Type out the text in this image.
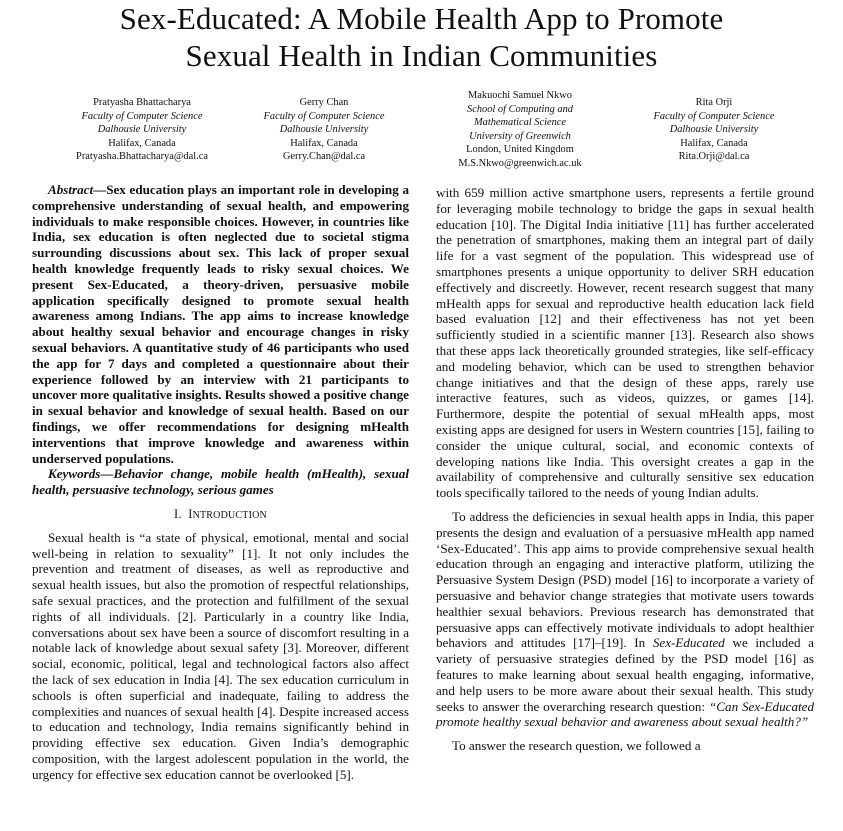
Sex-Educated: A Mobile Health App to Promote
Sexual Health in Indian Communities
Pratyasha Bhattacharya
Faculty of Computer Science
Dalhousie University
Halifax, Canada
Pratyasha.Bhattacharya@dal.ca
Gerry Chan
Faculty of Computer Science
Dalhousie University
Halifax, Canada
Gerry.Chan@dal.ca
Makuochi Samuel Nkwo
School of Computing and
Mathematical Science
University of Greenwich
London, United Kingdom
M.S.Nkwo@greenwich.ac.uk
Rita Orji
Faculty of Computer Science
Dalhousie University
Halifax, Canada
Rita.Orji@dal.ca

Abstract—Sex education plays an important role in developing a comprehensive understanding of sexual health, and empowering individuals to make responsible choices. However, in countries like India, sex education is often neglected due to societal stigma surrounding discussions about sex. This lack of proper sexual health knowledge frequently leads to risky sexual choices. We present Sex-Educated, a theory-driven, persuasive mobile application specifically designed to promote sexual health awareness among Indians. The app aims to increase knowledge about healthy sexual behavior and encourage changes in risky sexual behaviors. A quantitative study of 46 participants who used the app for 7 days and completed a questionnaire about their experience followed by an interview with 21 participants to uncover more qualitative insights. Results showed a positive change in sexual behavior and knowledge of sexual health. Based on our findings, we offer recommendations for designing mHealth interventions that improve knowledge and awareness within underserved populations.

Keywords—Behavior change, mobile health (mHealth), sexual health, persuasive technology, serious games

I. INTRODUCTION

Sexual health is “a state of physical, emotional, mental and social well-being in relation to sexuality” [1]. It not only includes the prevention and treatment of diseases, as well as reproductive and sexual health issues, but also the promotion of respectful relationships, safe sexual practices, and the protection and fulfillment of the sexual rights of all individuals. [2]. Particularly in a country like India, conversations about sex have been a source of discomfort resulting in a notable lack of knowledge about sexual safety [3]. Moreover, different social, economic, political, legal and technological factors also affect the lack of sex education in India [4]. The sex education curriculum in schools is often superficial and inadequate, failing to address the complexities and nuances of sexual health [4]. Despite increased access to education and technology, India remains significantly behind in providing effective sex education. Given India’s demographic composition, with the largest adolescent population in the world, the urgency for effective sex education cannot be overlooked [5].

with 659 million active smartphone users, represents a fertile ground for leveraging mobile technology to bridge the gaps in sexual health education [10]. The Digital India initiative [11] has further accelerated the penetration of smartphones, making them an integral part of daily life for a vast segment of the population. This widespread use of smartphones presents a unique opportunity to deliver SRH education effectively and discreetly. However, recent research suggest that many mHealth apps for sexual and reproductive health education lack field based evaluation [12] and their effectiveness has not yet been sufficiently studied in a scientific manner [13]. Research also shows that these apps lack theoretically grounded strategies, like self-efficacy and modeling behavior, which can be used to strengthen behavior change initiatives and that the design of these apps, rarely use interactive features, such as videos, quizzes, or games [14]. Furthermore, despite the potential of sexual mHealth apps, most existing apps are designed for users in Western countries [15], failing to consider the unique cultural, social, and economic contexts of developing nations like India. This oversight creates a gap in the availability of comprehensive and culturally sensitive sex education tools specifically tailored to the needs of young Indian adults.

To address the deficiencies in sexual health apps in India, this paper presents the design and evaluation of a persuasive mHealth app named ‘Sex-Educated’. This app aims to provide comprehensive sexual health education through an engaging and interactive platform, utilizing the Persuasive System Design (PSD) model [16] to incorporate a variety of persuasive and behavior change strategies that motivate users towards healthier sexual behaviors. Previous research has demonstrated that persuasive apps can effectively motivate individuals to adopt healthier behaviors and attitudes [17]–[19]. In Sex-Educated we included a variety of persuasive strategies defined by the PSD model [16] as features to make learning about sexual health engaging, informative, and help users to be more aware about their sexual health. This study seeks to answer the overarching research question: “Can Sex-Educated promote healthy sexual behavior and awareness about sexual health?”

To answer the research question, we followed a
